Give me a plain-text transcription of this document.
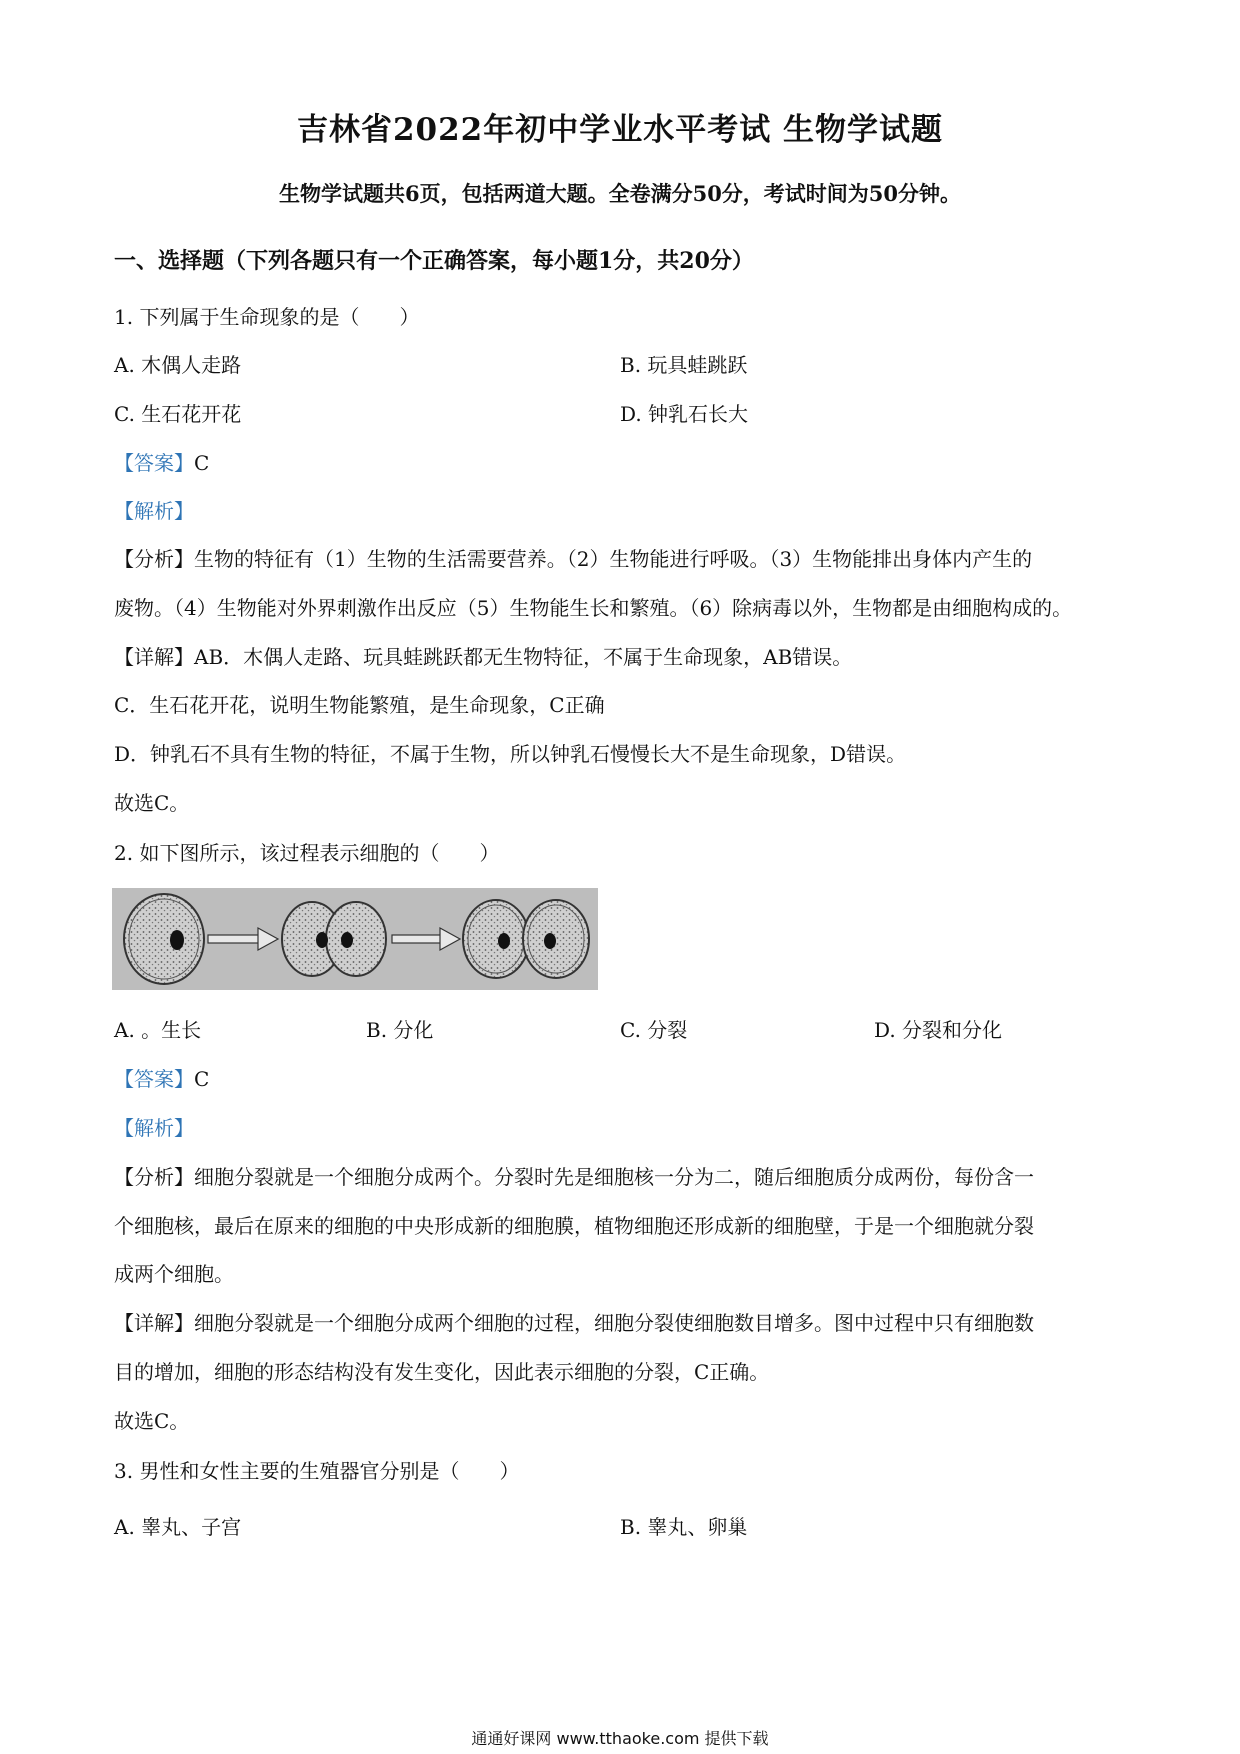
吉林省2022年初中学业水平考试 生物学试题
生物学试题共6页，包括两道大题。全卷满分50分，考试时间为50分钟。
一、选择题（下列各题只有一个正确答案，每小题1分，共20分）
1. 下列属于生命现象的是（　　）
A. 木偶人走路	B. 玩具蛙跳跃
C. 生石花开花	D. 钟乳石长大
【答案】C
【解析】
【分析】生物的特征有（1）生物的生活需要营养。（2）生物能进行呼吸。（3）生物能排出身体内产生的
废物。（4）生物能对外界刺激作出反应（5）生物能生长和繁殖。（6）除病毒以外，生物都是由细胞构成的。
【详解】AB．木偶人走路、玩具蛙跳跃都无生物特征，不属于生命现象，AB错误。
C．生石花开花，说明生物能繁殖，是生命现象，C正确
D．钟乳石不具有生物的特征，不属于生物，所以钟乳石慢慢长大不是生命现象，D错误。
故选C。
2. 如下图所示，该过程表示细胞的（　　）
A. 。生长	B. 分化	C. 分裂	D. 分裂和分化
【答案】C
【解析】
【分析】细胞分裂就是一个细胞分成两个。分裂时先是细胞核一分为二，随后细胞质分成两份，每份含一
个细胞核，最后在原来的细胞的中央形成新的细胞膜，植物细胞还形成新的细胞壁，于是一个细胞就分裂
成两个细胞。
【详解】细胞分裂就是一个细胞分成两个细胞的过程，细胞分裂使细胞数目增多。图中过程中只有细胞数
目的增加，细胞的形态结构没有发生变化，因此表示细胞的分裂，C正确。
故选C。
3. 男性和女性主要的生殖器官分别是（　　）
A. 睾丸、子宫	B. 睾丸、卵巢
通通好课网 www.tthaoke.com 提供下载
